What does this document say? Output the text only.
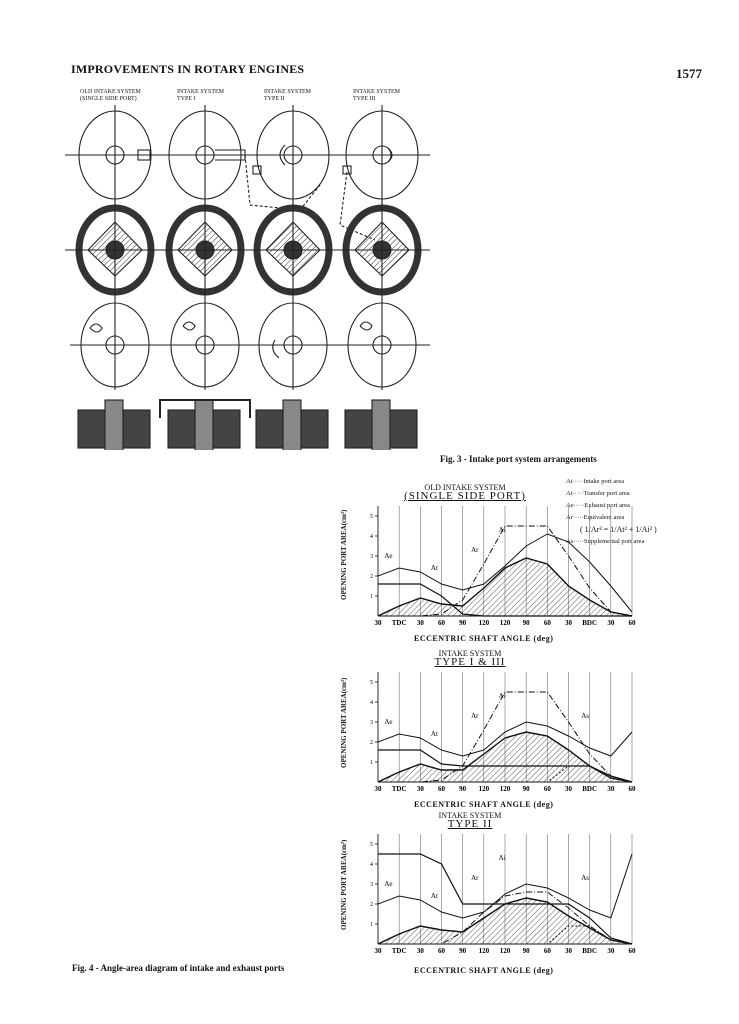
IMPROVEMENTS IN ROTARY ENGINES	1577
OLD INTAKE SYSTEM
(SINGLE SIDE PORT)
INTAKE SYSTEM
TYPE I
INTAKE SYSTEM
TYPE II
INTAKE SYSTEM
TYPE III
Fig. 3 - Intake port system arrangements
Ai·····Intake port area
At·····Transfer port area
Ae·····Exhaust port area
Ar·····Equivalent area
( 1/Ar² = 1/At² + 1/Ai² )
As·····Supplemental port area
OLD INTAKE SYSTEM
(SINGLE SIDE PORT)
INTAKE SYSTEM
TYPE I & III
INTAKE SYSTEM
TYPE II
OPENING PORT AREA(cm²)
OPENING PORT AREA(cm²)
OPENING PORT AREA(cm²)
ECCENTRIC SHAFT ANGLE (deg)
ECCENTRIC SHAFT ANGLE (deg)
ECCENTRIC SHAFT ANGLE (deg)
30 TDC 30 60 90 120 120 90 60 30 BDC 30 60
1
2
3
4
5
Ae
At
Ai
Ar
30 TDC 30 60 90 120 120 90 60 30 BDC 30 60
1
2
3
4
5
Ae
At
Ai
Ar	As
30 TDC 30 60 90 120 120 90 60 30 BDC 30 60
1
2
3
4
5
Ae
At
Ar
Ai
As
Fig. 4 - Angle-area diagram of intake and exhaust ports
